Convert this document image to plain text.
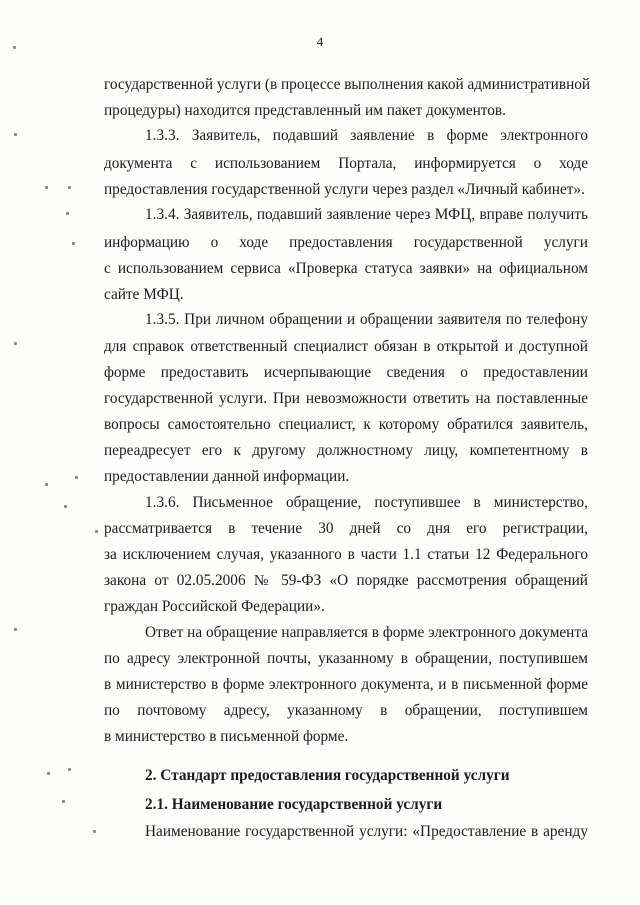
4
государственной услуги (в процессе выполнения какой административной
процедуры) находится представленный им пакет документов.
1.3.3. Заявитель, подавший заявление в форме электронного
документа с использованием Портала, информируется о ходе
предоставления государственной услуги через раздел «Личный кабинет».
1.3.4. Заявитель, подавший заявление через МФЦ, вправе получить
информацию о ходе предоставления государственной услуги
с использованием сервиса «Проверка статуса заявки» на официальном
сайте МФЦ.
1.3.5. При личном обращении и обращении заявителя по телефону
для справок ответственный специалист обязан в открытой и доступной
форме предоставить исчерпывающие сведения о предоставлении
государственной услуги. При невозможности ответить на поставленные
вопросы самостоятельно специалист, к которому обратился заявитель,
переадресует его к другому должностному лицу, компетентному в
предоставлении данной информации.
1.3.6. Письменное обращение, поступившее в министерство,
рассматривается в течение 30 дней со дня его регистрации,
за исключением случая, указанного в части 1.1 статьи 12 Федерального
закона от 02.05.2006 № 59-ФЗ «О порядке рассмотрения обращений
граждан Российской Федерации».
Ответ на обращение направляется в форме электронного документа
по адресу электронной почты, указанному в обращении, поступившем
в министерство в форме электронного документа, и в письменной форме
по почтовому адресу, указанному в обращении, поступившем
в министерство в письменной форме.
2. Стандарт предоставления государственной услуги
2.1. Наименование государственной услуги
Наименование государственной услуги: «Предоставление в аренду
